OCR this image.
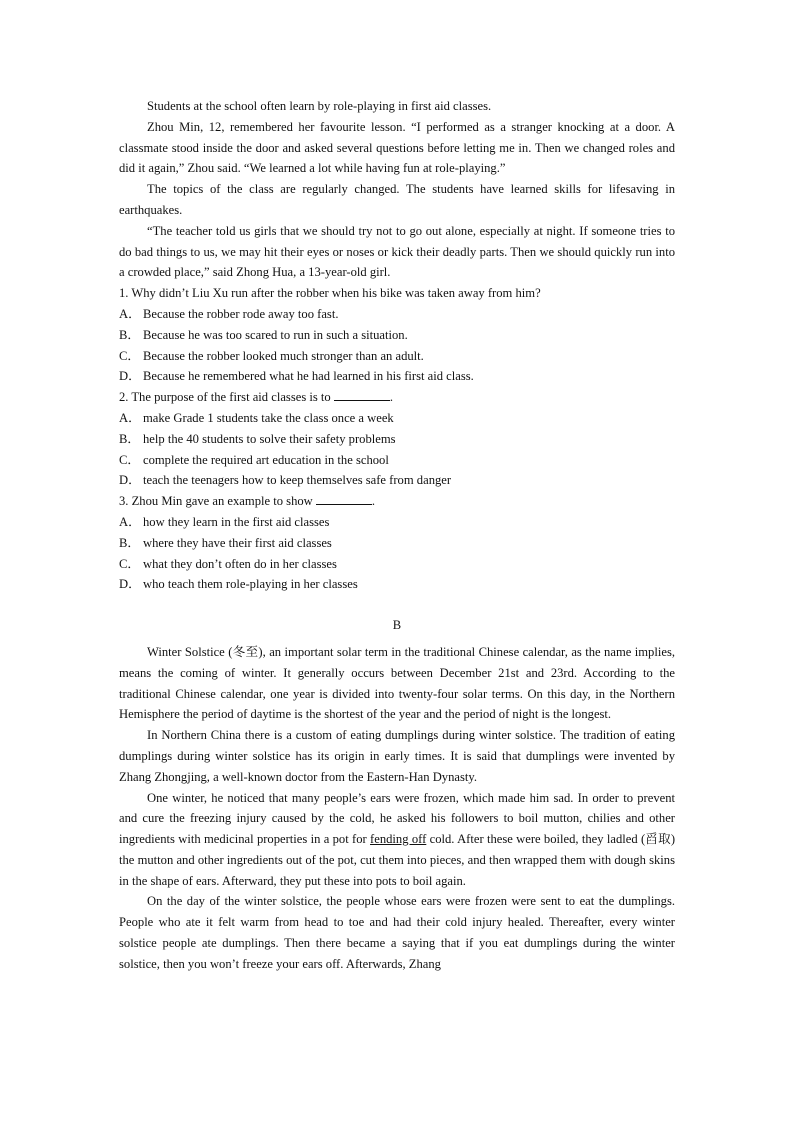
Students at the school often learn by role-playing in first aid classes.

Zhou Min, 12, remembered her favourite lesson. “I performed as a stranger knocking at a door. A classmate stood inside the door and asked several questions before letting me in. Then we changed roles and did it again,” Zhou said. “We learned a lot while having fun at role-playing.”

The topics of the class are regularly changed. The students have learned skills for lifesaving in earthquakes.

“The teacher told us girls that we should try not to go out alone, especially at night. If someone tries to do bad things to us, we may hit their eyes or noses or kick their deadly parts. Then we should quickly run into a crowded place,” said Zhong Hua, a 13-year-old girl.

1. Why didn’t Liu Xu run after the robber when his bike was taken away from him?

A． Because the robber rode away too fast.

B． Because he was too scared to run in such a situation.

C． Because the robber looked much stronger than an adult.

D． Because he remembered what he had learned in his first aid class.

2. The purpose of the first aid classes is to	.

A． make Grade 1 students take the class once a week

B． help the 40 students to solve their safety problems

C． complete the required art education in the school

D． teach the teenagers how to keep themselves safe from danger

3. Zhou Min gave an example to show	.

A． how they learn in the first aid classes

B． where they have their first aid classes

C． what they don’t often do in her classes

D． who teach them role-playing in her classes

B

Winter Solstice (冬至), an important solar term in the traditional Chinese calendar, as the name implies, means the coming of winter. It generally occurs between December 21st and 23rd. According to the traditional Chinese calendar, one year is divided into twenty-four solar terms. On this day, in the Northern Hemisphere the period of daytime is the shortest of the year and the period of night is the longest.

In Northern China there is a custom of eating dumplings during winter solstice. The tradition of eating dumplings during winter solstice has its origin in early times. It is said that dumplings were invented by Zhang Zhongjing, a well-known doctor from the Eastern-Han Dynasty.

One winter, he noticed that many people’s ears were frozen, which made him sad. In order to prevent and cure the freezing injury caused by the cold, he asked his followers to boil mutton, chilies and other ingredients with medicinal properties in a pot for fending off cold. After these were boiled, they ladled (舀取) the mutton and other ingredients out of the pot, cut them into pieces, and then wrapped them with dough skins in the shape of ears. Afterward, they put these into pots to boil again.

On the day of the winter solstice, the people whose ears were frozen were sent to eat the dumplings. People who ate it felt warm from head to toe and had their cold injury healed. Thereafter, every winter solstice people ate dumplings. Then there became a saying that if you eat dumplings during the winter solstice, then you won’t freeze your ears off. Afterwards, Zhang
